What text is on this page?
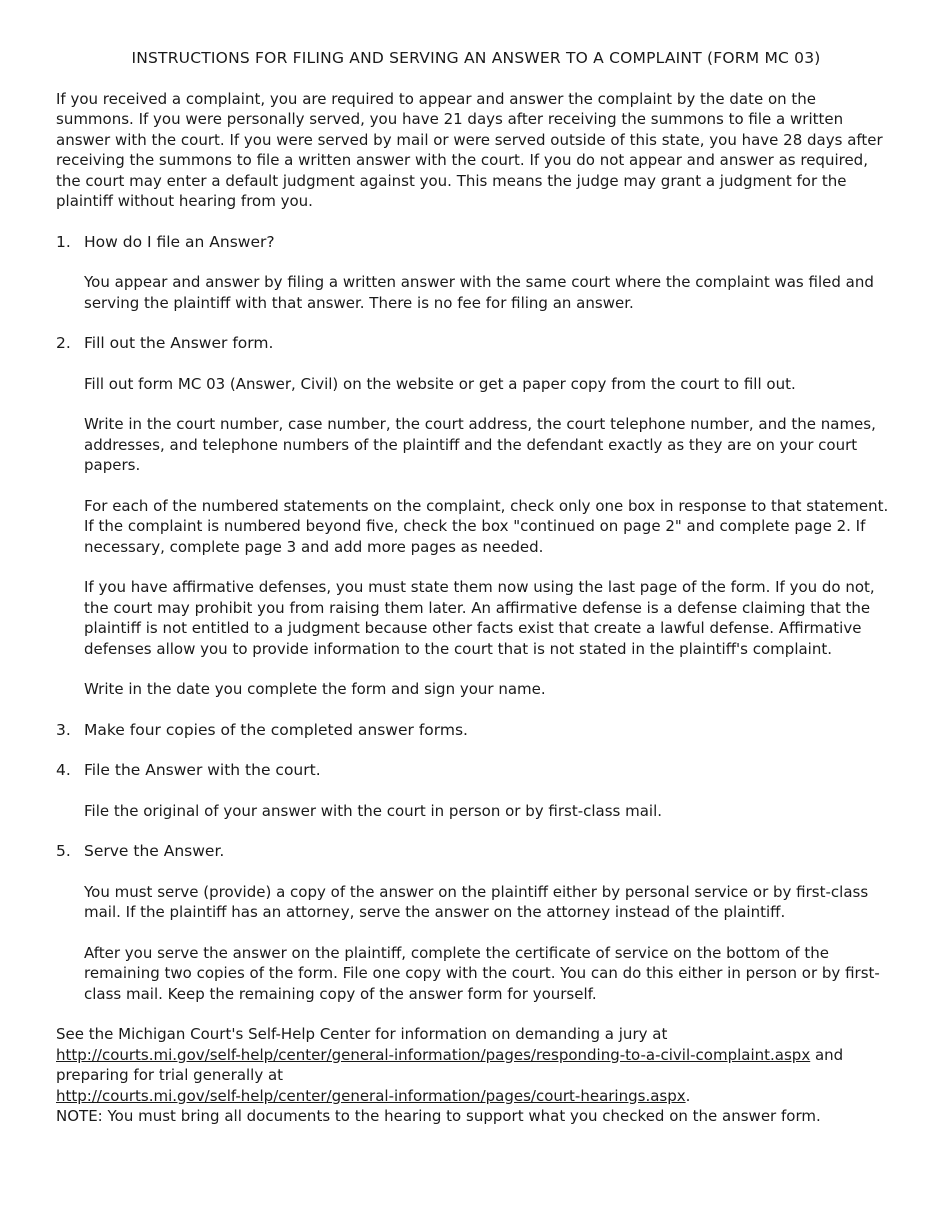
INSTRUCTIONS FOR FILING AND SERVING AN ANSWER TO A COMPLAINT (FORM MC 03)

If you received a complaint, you are required to appear and answer the complaint by the date on the summons. If you were personally served, you have 21 days after receiving the summons to file a written answer with the court. If you were served by mail or were served outside of this state, you have 28 days after receiving the summons to file a written answer with the court. If you do not appear and answer as required, the court may enter a default judgment against you. This means the judge may grant a judgment for the plaintiff without hearing from you.

1. How do I file an Answer?

You appear and answer by filing a written answer with the same court where the complaint was filed and serving the plaintiff with that answer. There is no fee for filing an answer.

2. Fill out the Answer form.

Fill out form MC 03 (Answer, Civil) on the website or get a paper copy from the court to fill out.

Write in the court number, case number, the court address, the court telephone number, and the names, addresses, and telephone numbers of the plaintiff and the defendant exactly as they are on your court papers.

For each of the numbered statements on the complaint, check only one box in response to that statement. If the complaint is numbered beyond five, check the box "continued on page 2" and complete page 2. If necessary, complete page 3 and add more pages as needed.

If you have affirmative defenses, you must state them now using the last page of the form. If you do not, the court may prohibit you from raising them later. An affirmative defense is a defense claiming that the plaintiff is not entitled to a judgment because other facts exist that create a lawful defense. Affirmative defenses allow you to provide information to the court that is not stated in the plaintiff's complaint.

Write in the date you complete the form and sign your name.

3. Make four copies of the completed answer forms.
4. File the Answer with the court.

File the original of your answer with the court in person or by first-class mail.

5. Serve the Answer.

You must serve (provide) a copy of the answer on the plaintiff either by personal service or by first-class mail. If the plaintiff has an attorney, serve the answer on the attorney instead of the plaintiff.

After you serve the answer on the plaintiff, complete the certificate of service on the bottom of the remaining two copies of the form. File one copy with the court. You can do this either in person or by first-class mail. Keep the remaining copy of the answer form for yourself.

See the Michigan Court's Self-Help Center for information on demanding a jury at
http://courts.mi.gov/self-help/center/general-information/pages/responding-to-a-civil-complaint.aspx and preparing for trial generally at
http://courts.mi.gov/self-help/center/general-information/pages/court-hearings.aspx.

NOTE: You must bring all documents to the hearing to support what you checked on the answer form.
